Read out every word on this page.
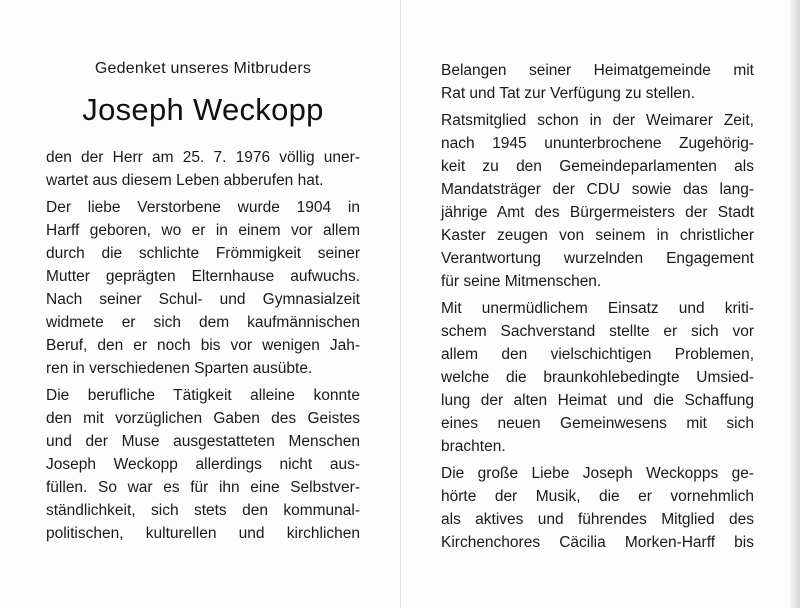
Gedenket unseres Mitbruders
Joseph Weckopp
den der Herr am 25. 7. 1976 völlig uner-
wartet aus diesem Leben abberufen hat.
Der liebe Verstorbene wurde 1904 in
Harff geboren, wo er in einem vor allem
durch die schlichte Frömmigkeit seiner
Mutter geprägten Elternhause aufwuchs.
Nach seiner Schul- und Gymnasialzeit
widmete er sich dem kaufmännischen
Beruf, den er noch bis vor wenigen Jah-
ren in verschiedenen Sparten ausübte.
Die berufliche Tätigkeit alleine konnte
den mit vorzüglichen Gaben des Geistes
und der Muse ausgestatteten Menschen
Joseph Weckopp allerdings nicht aus-
füllen. So war es für ihn eine Selbstver-
ständlichkeit, sich stets den kommunal-
politischen, kulturellen und kirchlichen
Belangen seiner Heimatgemeinde mit
Rat und Tat zur Verfügung zu stellen.
Ratsmitglied schon in der Weimarer Zeit,
nach 1945 ununterbrochene Zugehörig-
keit zu den Gemeindeparlamenten als
Mandatsträger der CDU sowie das lang-
jährige Amt des Bürgermeisters der Stadt
Kaster zeugen von seinem in christlicher
Verantwortung wurzelnden Engagement
für seine Mitmenschen.
Mit unermüdlichem Einsatz und kriti-
schem Sachverstand stellte er sich vor
allem den vielschichtigen Problemen,
welche die braunkohlebedingte Umsied-
lung der alten Heimat und die Schaffung
eines neuen Gemeinwesens mit sich
brachten.
Die große Liebe Joseph Weckopps ge-
hörte der Musik, die er vornehmlich
als aktives und führendes Mitglied des
Kirchenchores Cäcilia Morken-Harff bis
